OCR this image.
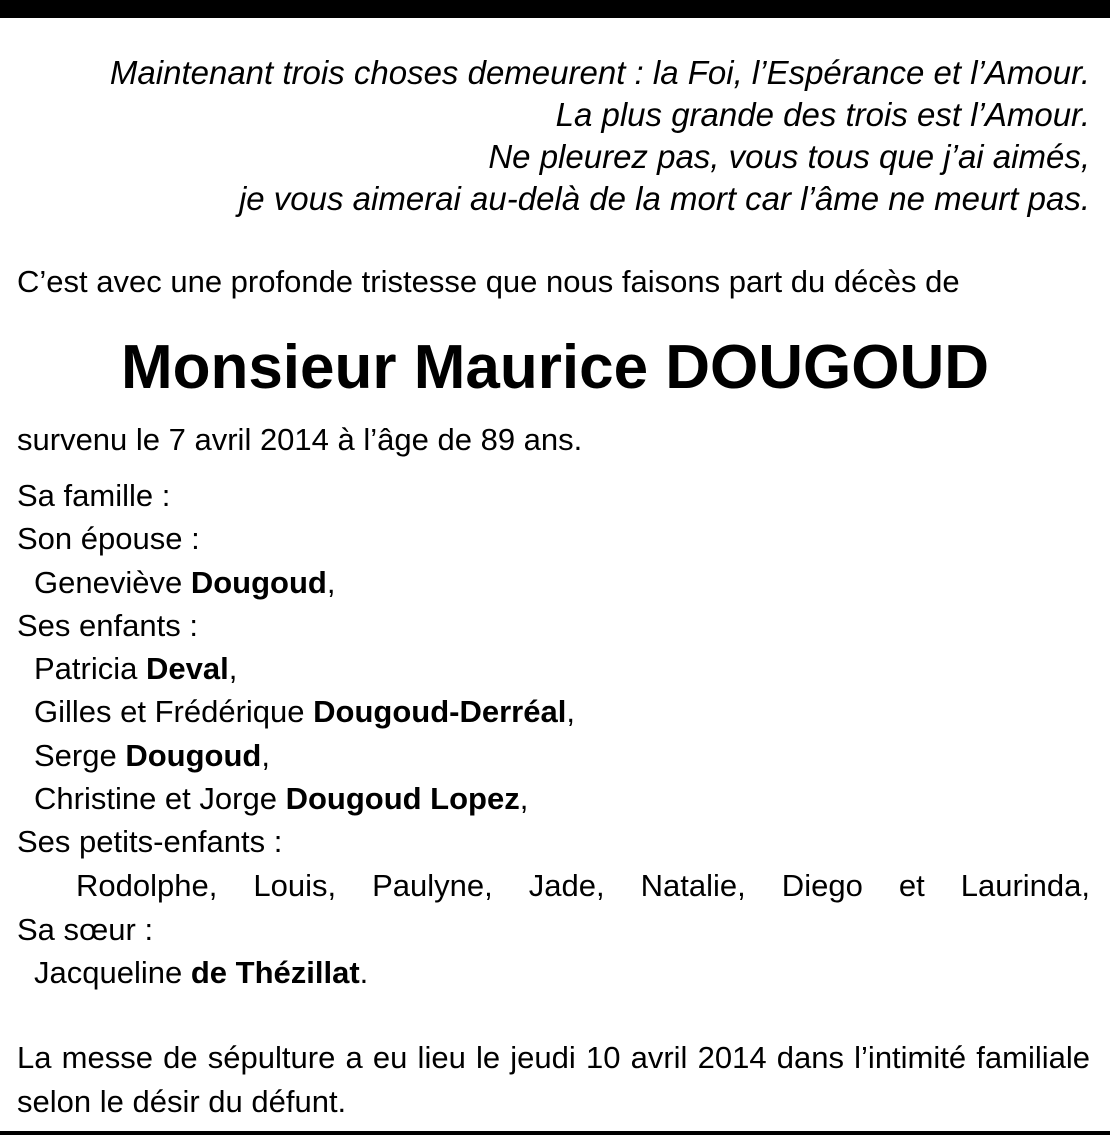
Maintenant trois choses demeurent : la Foi, l’Espérance et l’Amour.
La plus grande des trois est l’Amour.
Ne pleurez pas, vous tous que j’ai aimés,
je vous aimerai au-delà de la mort car l’âme ne meurt pas.
C’est avec une profonde tristesse que nous faisons part du décès de
Monsieur Maurice DOUGOUD
survenu le 7 avril 2014 à l’âge de 89 ans.
Sa famille :
Son épouse :
Geneviève Dougoud,
Ses enfants :
Patricia Deval,
Gilles et Frédérique Dougoud-Derréal,
Serge Dougoud,
Christine et Jorge Dougoud Lopez,
Ses petits-enfants :
Rodolphe, Louis, Paulyne, Jade, Natalie, Diego et Laurinda,
Sa sœur :
Jacqueline de Thézillat.
La messe de sépulture a eu lieu le jeudi 10 avril 2014 dans l’intimité familiale selon le désir du défunt.
